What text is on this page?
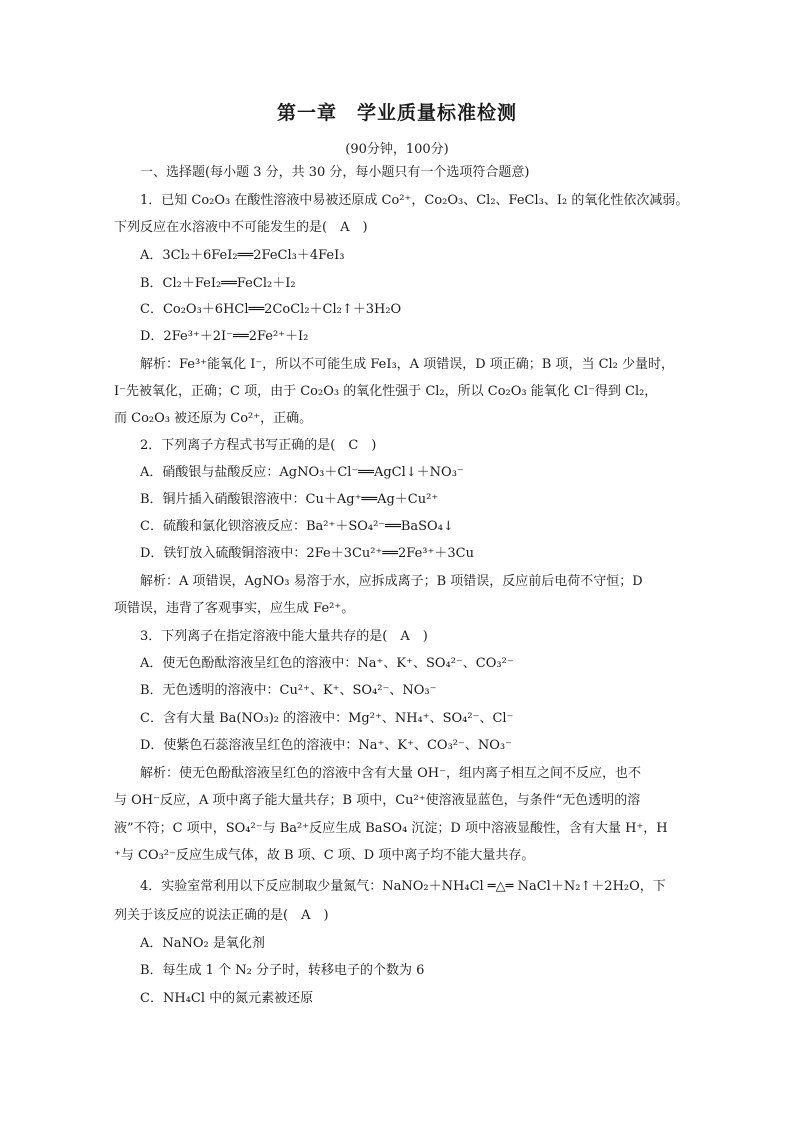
第一章　学业质量标准检测
(90分钟，100分)
一、选择题(每小题 3 分，共 30 分，每小题只有一个选项符合题意)
1．已知 Co₂O₃ 在酸性溶液中易被还原成 Co²⁺，Co₂O₃、Cl₂、FeCl₃、I₂ 的氧化性依次减弱。
下列反应在水溶液中不可能发生的是(　A　)
A．3Cl₂＋6FeI₂══2FeCl₃＋4FeI₃
B．Cl₂＋FeI₂══FeCl₂＋I₂
C．Co₂O₃＋6HCl══2CoCl₂＋Cl₂↑＋3H₂O
D．2Fe³⁺＋2I⁻══2Fe²⁺＋I₂
解析：Fe³⁺能氧化 I⁻，所以不可能生成 FeI₃，A 项错误，D 项正确；B 项，当 Cl₂ 少量时，
I⁻先被氧化，正确；C 项，由于 Co₂O₃ 的氧化性强于 Cl₂，所以 Co₂O₃ 能氧化 Cl⁻得到 Cl₂，
而 Co₂O₃ 被还原为 Co²⁺，正确。
2．下列离子方程式书写正确的是(　C　)
A．硝酸银与盐酸反应：AgNO₃＋Cl⁻══AgCl↓＋NO₃⁻
B．铜片插入硝酸银溶液中：Cu＋Ag⁺══Ag＋Cu²⁺
C．硫酸和氯化钡溶液反应：Ba²⁺＋SO₄²⁻══BaSO₄↓
D．铁钉放入硫酸铜溶液中：2Fe＋3Cu²⁺══2Fe³⁺＋3Cu
解析：A 项错误，AgNO₃ 易溶于水，应拆成离子；B 项错误，反应前后电荷不守恒；D
项错误，违背了客观事实，应生成 Fe²⁺。
3．下列离子在指定溶液中能大量共存的是(　A　)
A．使无色酚酞溶液呈红色的溶液中：Na⁺、K⁺、SO₄²⁻、CO₃²⁻
B．无色透明的溶液中：Cu²⁺、K⁺、SO₄²⁻、NO₃⁻
C．含有大量 Ba(NO₃)₂ 的溶液中：Mg²⁺、NH₄⁺、SO₄²⁻、Cl⁻
D．使紫色石蕊溶液呈红色的溶液中：Na⁺、K⁺、CO₃²⁻、NO₃⁻
解析：使无色酚酞溶液呈红色的溶液中含有大量 OH⁻，组内离子相互之间不反应，也不
与 OH⁻反应，A 项中离子能大量共存；B 项中，Cu²⁺使溶液显蓝色，与条件“无色透明的溶
液”不符；C 项中，SO₄²⁻与 Ba²⁺反应生成 BaSO₄ 沉淀；D 项中溶液显酸性，含有大量 H⁺，H
⁺与 CO₃²⁻反应生成气体，故 B 项、C 项、D 项中离子均不能大量共存。
4．实验室常利用以下反应制取少量氮气：NaNO₂＋NH₄Cl ═△═ NaCl＋N₂↑＋2H₂O，下
列关于该反应的说法正确的是(　A　)
A．NaNO₂ 是氧化剂
B．每生成 1 个 N₂ 分子时，转移电子的个数为 6
C．NH₄Cl 中的氮元素被还原
